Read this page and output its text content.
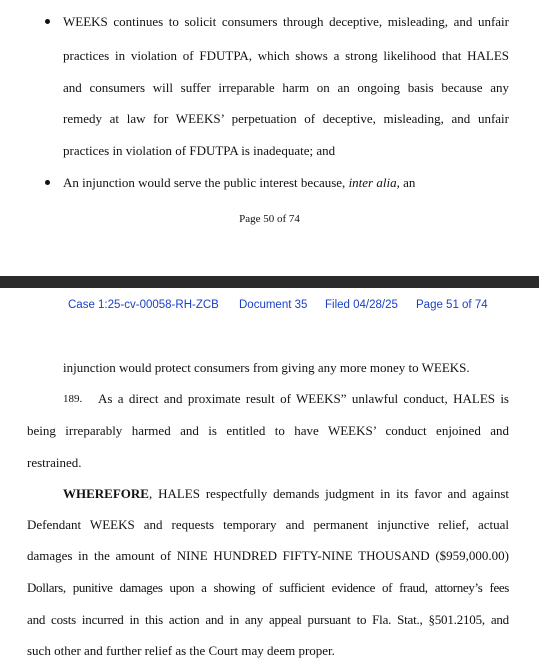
WEEKS continues to solicit consumers through deceptive, misleading, and unfair
practices in violation of FDUTPA, which shows a strong likelihood that HALES
and consumers will suffer irreparable harm on an ongoing basis because any
remedy at law for WEEKS’ perpetuation of deceptive, misleading, and unfair
practices in violation of FDUTPA is inadequate; and
An injunction would serve the public interest because, inter alia, an
Page 50 of 74
Case 1:25-cv-00058-RH-ZCB Document 35 Filed 04/28/25 Page 51 of 74
injunction would protect consumers from giving any more money to WEEKS.
189.	As a direct and proximate result of WEEKS” unlawful conduct, HALES is
being irreparably harmed and is entitled to have WEEKS’ conduct enjoined and
restrained.
WHEREFORE, HALES respectfully demands judgment in its favor and against
Defendant WEEKS and requests temporary and permanent injunctive relief, actual
damages in the amount of NINE HUNDRED FIFTY-NINE THOUSAND ($959,000.00)
Dollars, punitive damages upon a showing of sufficient evidence of fraud, attorney’s fees
and costs incurred in this action and in any appeal pursuant to Fla. Stat., §501.2105, and
such other and further relief as the Court may deem proper.
